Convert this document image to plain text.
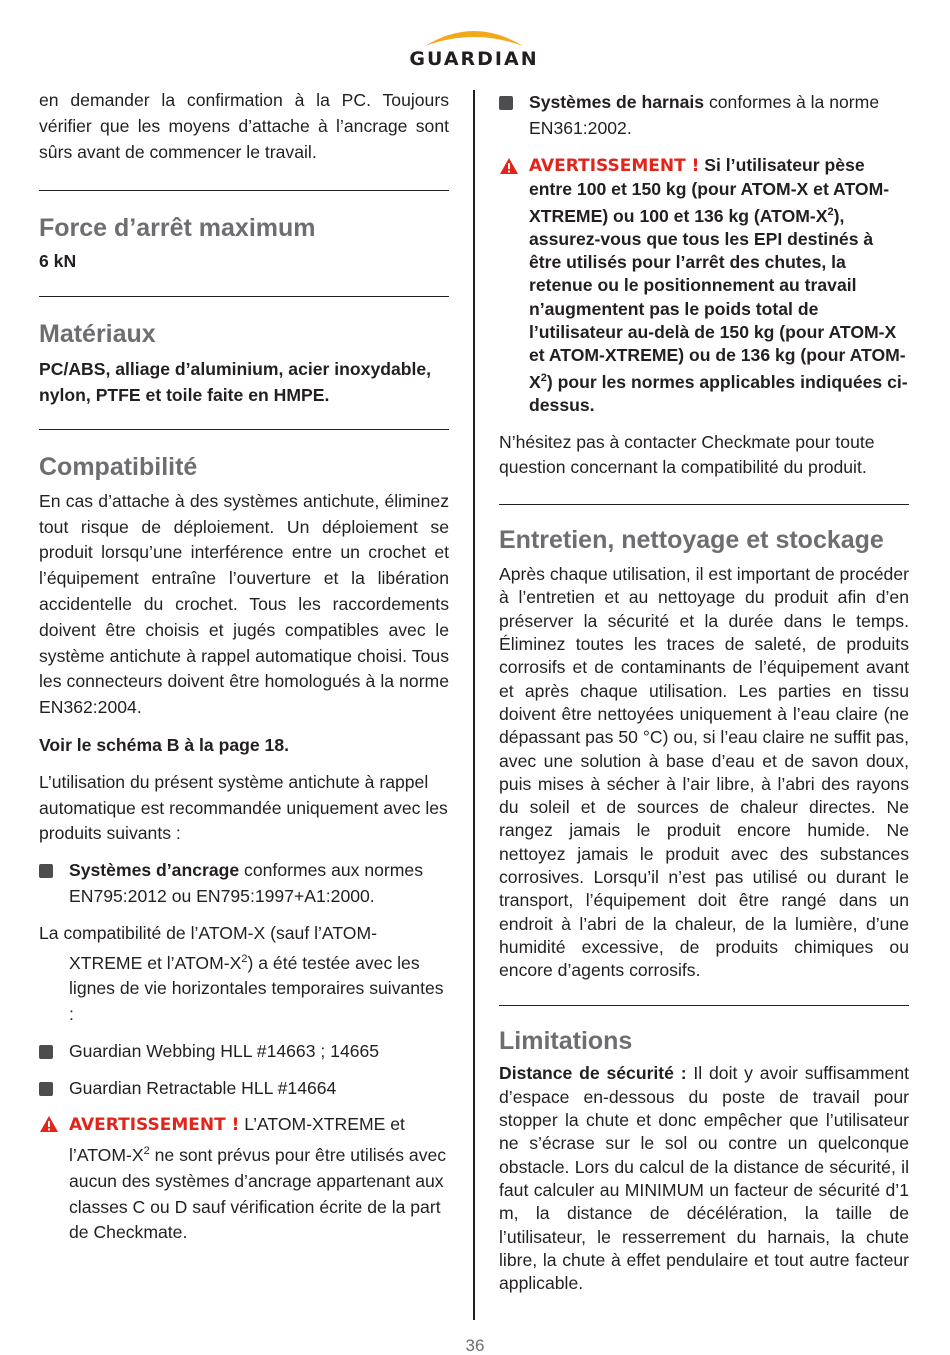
GUARDIAN

en demander la confirmation à la PC. Toujours vérifier que les moyens d’attache à l’ancrage sont sûrs avant de commencer le travail.

Force d’arrêt maximum

6 kN

Matériaux

PC/ABS, alliage d’aluminium, acier inoxydable, nylon, PTFE et toile faite en HMPE.

Compatibilité

En cas d’attache à des systèmes antichute, éliminez tout risque de déploiement. Un déploiement se produit lorsqu’une interférence entre un crochet et l’équipement entraîne l’ouverture et la libération accidentelle du crochet. Tous les raccordements doivent être choisis et jugés compatibles avec le système antichute à rappel automatique choisi. Tous les connecteurs doivent être homologués à la norme EN362:2004.

Voir le schéma B à la page 18.

L’utilisation du présent système antichute à rappel automatique est recommandée uniquement avec les produits suivants :

Systèmes d’ancrage conformes aux normes EN795:2012 ou EN795:1997+A1:2000.

La compatibilité de l’ATOM-X (sauf l’ATOM-XTREME et $l’ATOM-X^2$) a été testée avec les lignes de vie horizontales temporaires suivantes :

Guardian Webbing HLL #14663 ; 14665

Guardian Retractable HLL #14664

AVERTISSEMENT ! L’ATOM-XTREME et $l’ATOM-X^2$ ne sont prévus pour être utilisés avec aucun des systèmes d’ancrage appartenant aux classes C ou D sauf vérification écrite de la part de Checkmate.

Systèmes de harnais conformes à la norme EN361:2002.

AVERTISSEMENT ! Si l’utilisateur pèse entre 100 et 150 kg (pour ATOM-X et ATOM-XTREME) ou 100 et 136 kg $(ATOM-X^2)$, assurez-vous que tous les EPI destinés à être utilisés pour l’arrêt des chutes, la retenue ou le positionnement au travail n’augmentent pas le poids total de l’utilisateur au-delà de 150 kg (pour ATOM-X et ATOM-XTREME) ou de 136 kg (pour ATOM-$X^2$) pour les normes applicables indiquées ci-dessus.

N’hésitez pas à contacter Checkmate pour toute question concernant la compatibilité du produit.

Entretien, nettoyage et stockage

Après chaque utilisation, il est important de procéder à l’entretien et au nettoyage du produit afin d’en préserver la sécurité et la durée dans le temps. Éliminez toutes les traces de saleté, de produits corrosifs et de contaminants de l’équipement avant et après chaque utilisation. Les parties en tissu doivent être nettoyées uniquement à l’eau claire (ne dépassant pas 50 °C) ou, si l’eau claire ne suffit pas, avec une solution à base d’eau et de savon doux, puis mises à sécher à l’air libre, à l’abri des rayons du soleil et de sources de chaleur directes. Ne rangez jamais le produit encore humide. Ne nettoyez jamais le produit avec des substances corrosives. Lorsqu’il n’est pas utilisé ou durant le transport, l’équipement doit être rangé dans un endroit à l’abri de la chaleur, de la lumière, d’une humidité excessive, de produits chimiques ou encore d’agents corrosifs.

Limitations

Distance de sécurité : Il doit y avoir suffisamment d’espace en-dessous du poste de travail pour stopper la chute et donc empêcher que l’utilisateur ne s’écrase sur le sol ou contre un quelconque obstacle. Lors du calcul de la distance de sécurité, il faut calculer au MINIMUM un facteur de sécurité d’1 m, la distance de décélération, la taille de l’utilisateur, le resserrement du harnais, la chute libre, la chute à effet pendulaire et tout autre facteur applicable.

36
